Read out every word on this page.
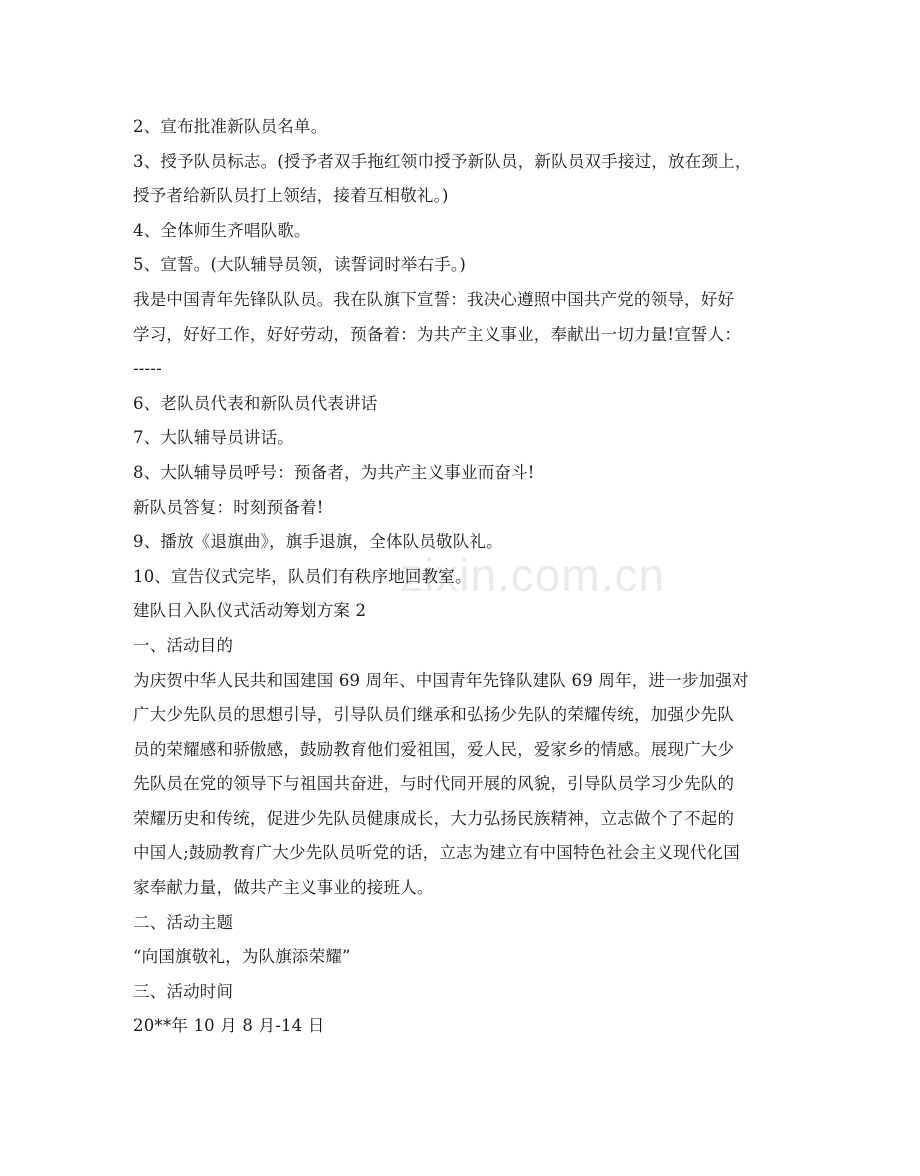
zixin.com.cn
2、宣布批准新队员名单。
3、授予队员标志。(授予者双手拖红领巾授予新队员，新队员双手接过，放在颈上，
授予者给新队员打上领结，接着互相敬礼。)
4、全体师生齐唱队歌。
5、宣誓。(大队辅导员领，读誓词时举右手。)
我是中国青年先锋队队员。我在队旗下宣誓：我决心遵照中国共产党的领导，好好
学习，好好工作，好好劳动，预备着：为共产主义事业，奉献出一切力量!宣誓人：
-----
6、老队员代表和新队员代表讲话
7、大队辅导员讲话。
8、大队辅导员呼号：预备者，为共产主义事业而奋斗!
新队员答复：时刻预备着!
9、播放《退旗曲》，旗手退旗，全体队员敬队礼。
10、宣告仪式完毕，队员们有秩序地回教室。
建队日入队仪式活动筹划方案 2
一、活动目的
为庆贺中华人民共和国建国 69 周年、中国青年先锋队建队 69 周年，进一步加强对
广大少先队员的思想引导，引导队员们继承和弘扬少先队的荣耀传统，加强少先队
员的荣耀感和骄傲感，鼓励教育他们爱祖国，爱人民，爱家乡的情感。展现广大少
先队员在党的领导下与祖国共奋进，与时代同开展的风貌，引导队员学习少先队的
荣耀历史和传统，促进少先队员健康成长，大力弘扬民族精神，立志做个了不起的
中国人;鼓励教育广大少先队员听党的话，立志为建立有中国特色社会主义现代化国
家奉献力量，做共产主义事业的接班人。
二、活动主题
“向国旗敬礼，为队旗添荣耀”
三、活动时间
20**年 10 月 8 月-14 日
